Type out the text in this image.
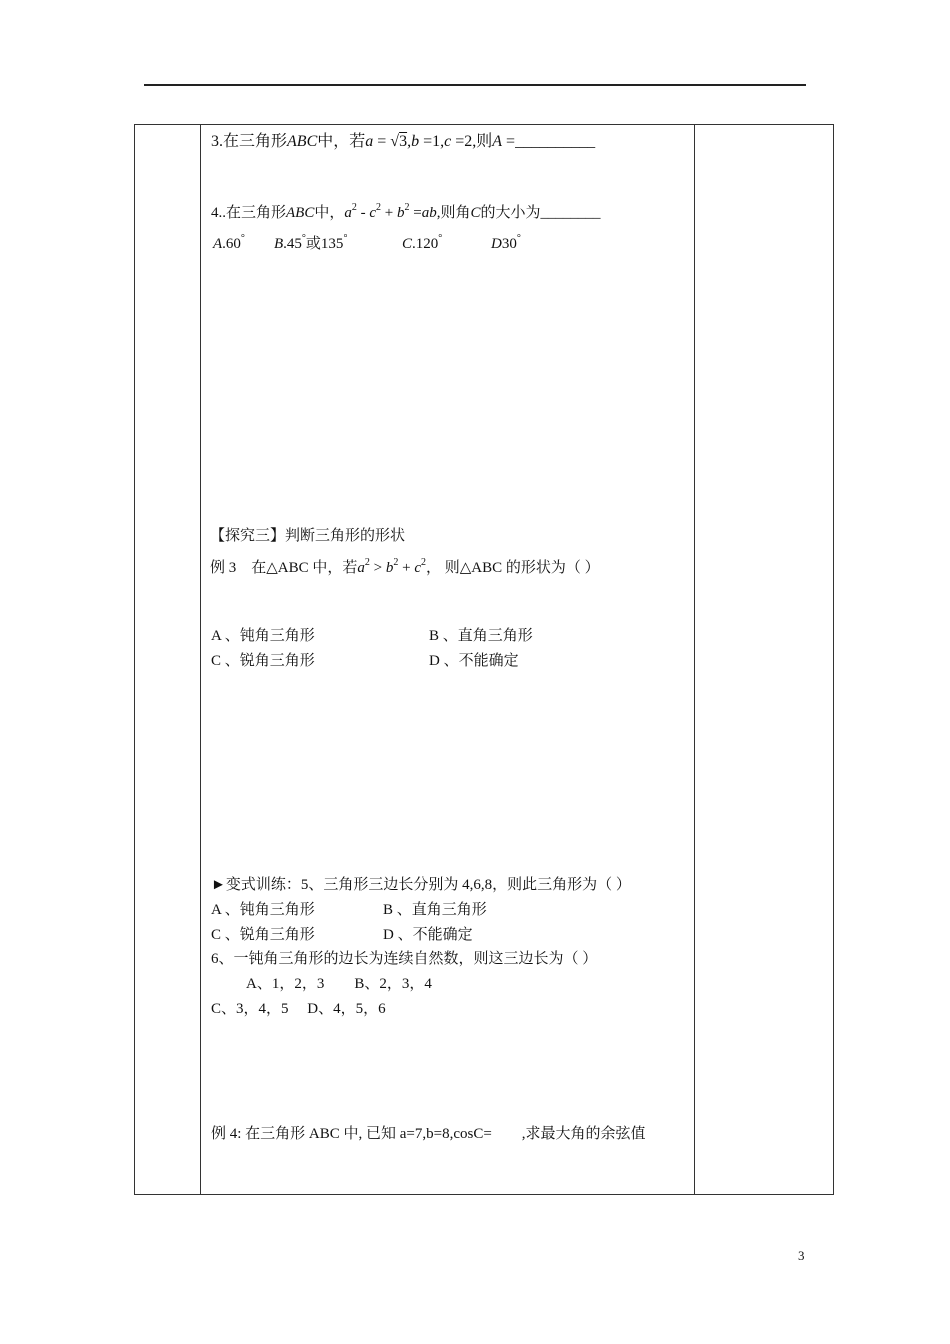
3.在三角形ABC中，若a = √3,b =1,c =2,则A =__________
4..在三角形ABC中，$a^2 - c^2 + b^2 =ab$,则角C的大小为________
A.60° B.45°或135°	C.120°	D30°
【探究三】判断三角形的形状
例 3　在△ABC 中，若$a^2 > b^2 + c^2$， 则△ABC 的形状为（ ）
A 、钝角三角形	B 、直角三角形
C 、锐角三角形	D 、不能确定
►变式训练：5、三角形三边长分别为 4,6,8，则此三角形为（ ）
A 、钝角三角形	B 、直角三角形
C 、锐角三角形	D 、不能确定
6、一钝角三角形的边长为连续自然数，则这三边长为（ ）
A、1，2，3　　B、2，3，4
C、3，4，5　 D、4，5，6
例 4: 在三角形 ABC 中, 已知 a=7,b=8,cosC=　　,求最大角的余弦值
3
